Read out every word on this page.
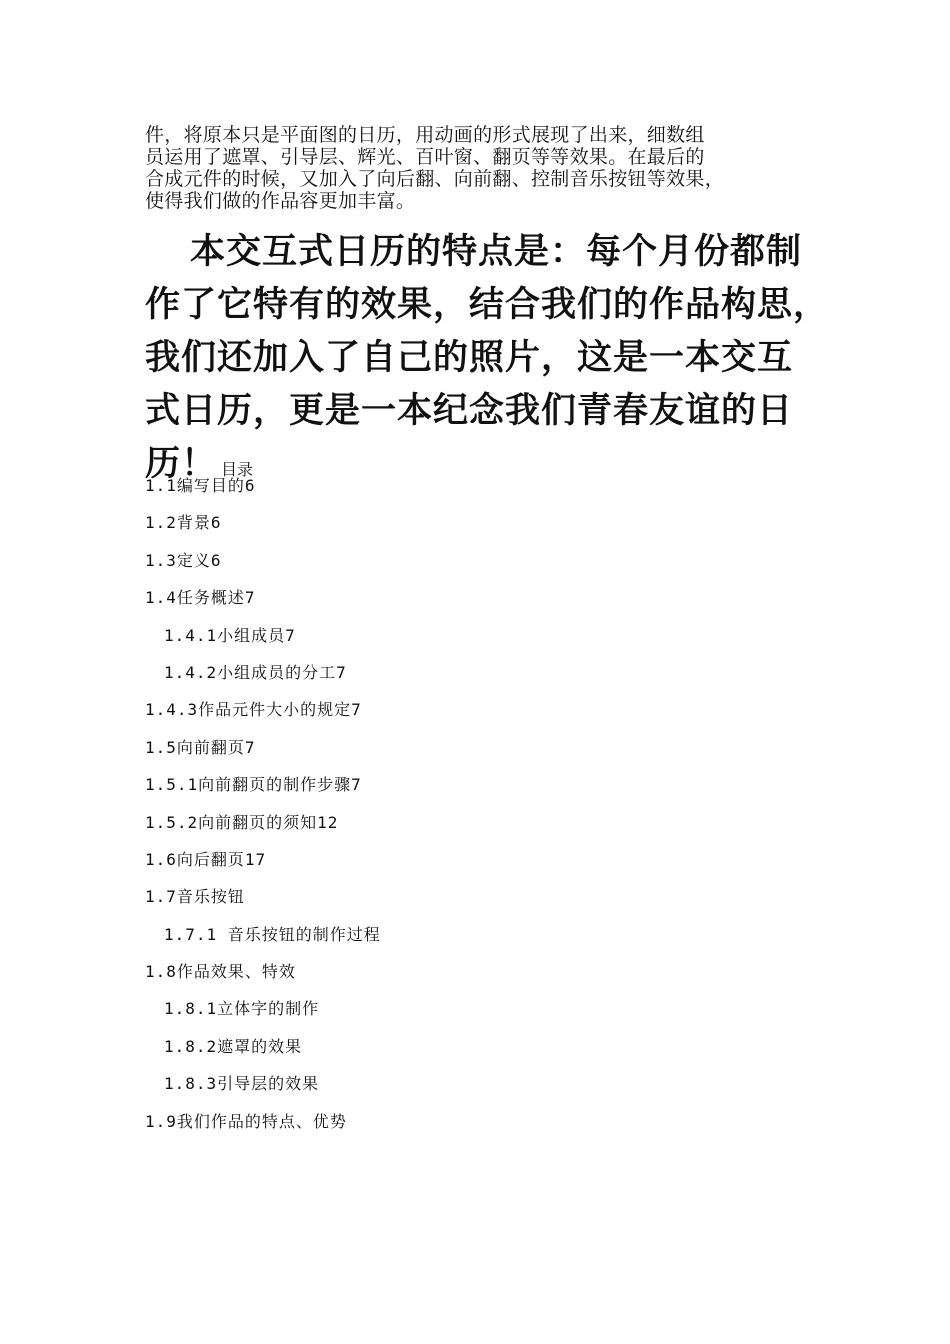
件，将原本只是平面图的日历，用动画的形式展现了出来，细数组
员运用了遮罩、引导层、辉光、百叶窗、翻页等等效果。在最后的
合成元件的时候，又加入了向后翻、向前翻、控制音乐按钮等效果，
使得我们做的作品容更加丰富。

本交互式日历的特点是：每个月份都制
作了它特有的效果，结合我们的作品构思，
我们还加入了自己的照片，这是一本交互
式日历，更是一本纪念我们青春友谊的日
历！ 目录

1.1编写目的6
1.2背景6
1.3定义6
1.4任务概述7
1.4.1小组成员7
1.4.2小组成员的分工7
1.4.3作品元件大小的规定7
1.5向前翻页7
1.5.1向前翻页的制作步骤7
1.5.2向前翻页的须知12
1.6向后翻页17
1.7音乐按钮
1.7.1 音乐按钮的制作过程
1.8作品效果、特效
1.8.1立体字的制作
1.8.2遮罩的效果
1.8.3引导层的效果
1.9我们作品的特点、优势
